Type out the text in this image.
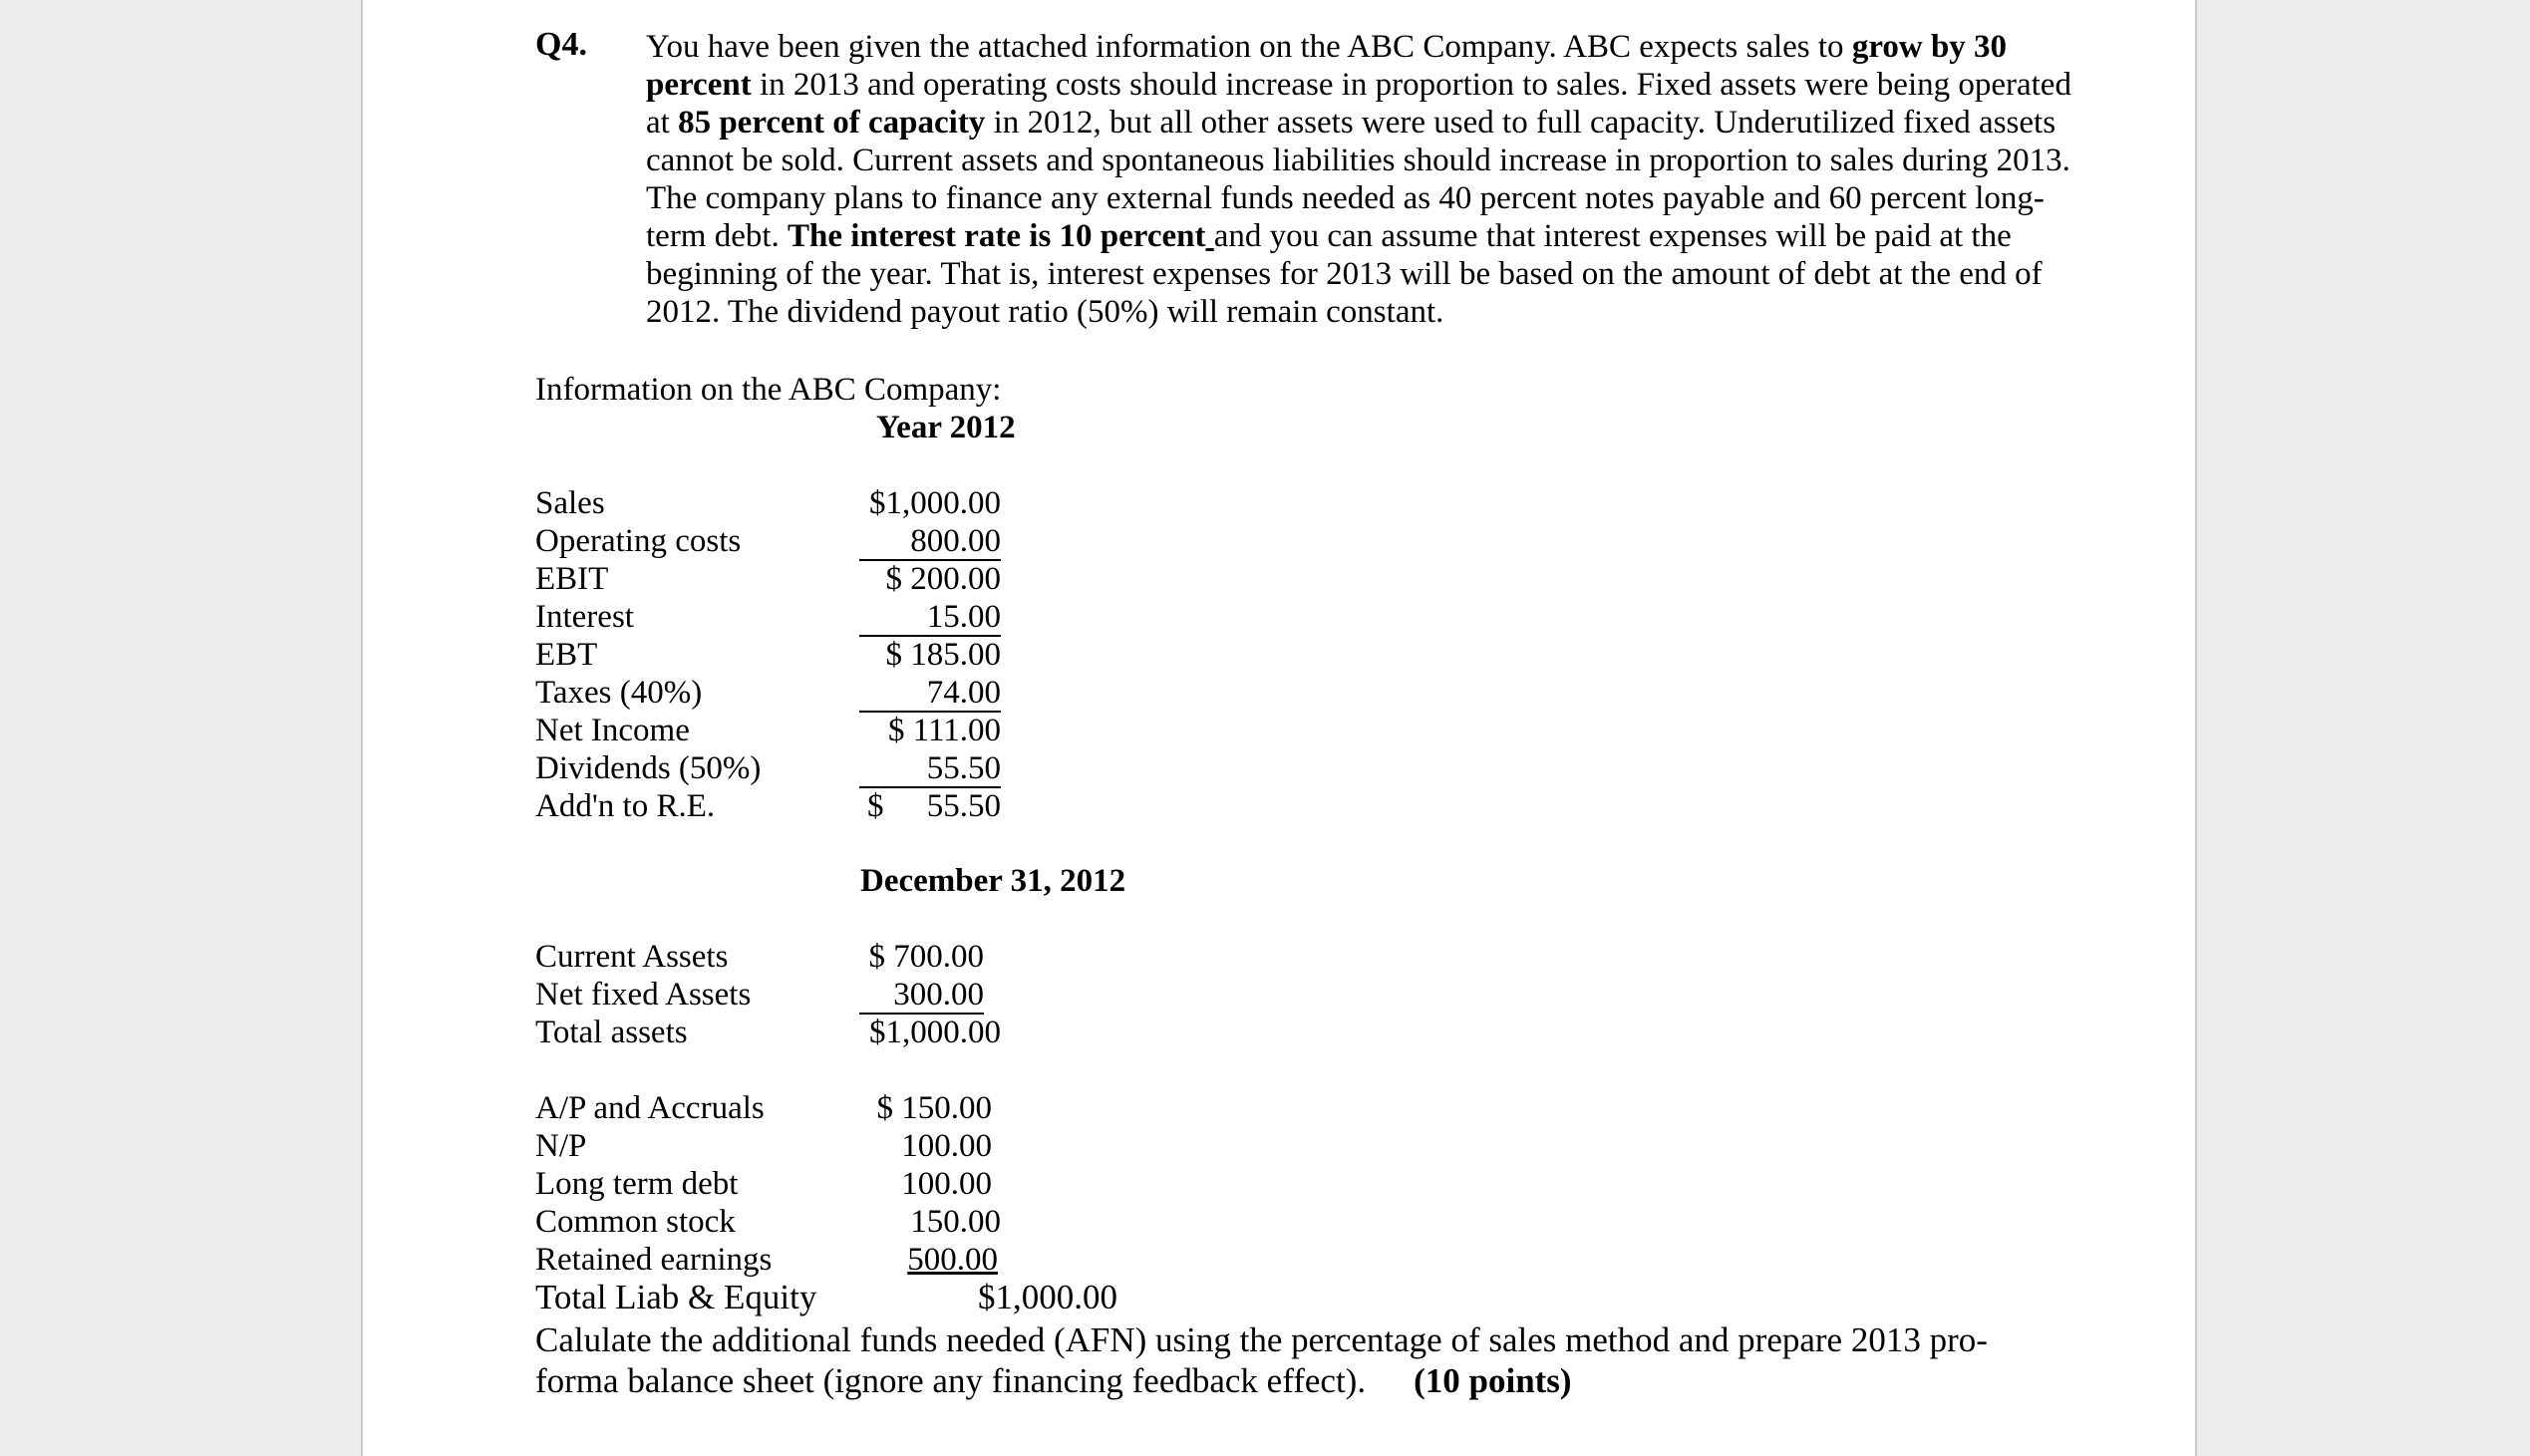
Q4. You have been given the attached information on the ABC Company. ABC expects sales to grow by 30 percent in 2013 and operating costs should increase in proportion to sales. Fixed assets were being operated at 85 percent of capacity in 2012, but all other assets were used to full capacity. Underutilized fixed assets cannot be sold. Current assets and spontaneous liabilities should increase in proportion to sales during 2013. The company plans to finance any external funds needed as 40 percent notes payable and 60 percent long-term debt. The interest rate is 10 percent and you can assume that interest expenses will be paid at the beginning of the year. That is, interest expenses for 2013 will be based on the amount of debt at the end of 2012. The dividend payout ratio (50%) will remain constant.
Information on the ABC Company:
Year 2012
Sales
Operating costs
EBIT
Interest
EBT
Taxes (40%)
Net Income
Dividends (50%)
Add'n to R.E.
$1,000.00
800.00
$ 200.00
15.00
$ 185.00
74.00
$ 111.00
55.50
$ 55.50
December 31, 2012
Current Assets
Net fixed Assets
Total assets
$ 700.00
300.00
$1,000.00
A/P and Accruals
N/P
Long term debt
Common stock
Retained earnings
Total Liab & Equity
$ 150.00
100.00
100.00
150.00
500.00
$1,000.00
Calulate the additional funds needed (AFN) using the percentage of sales method and prepare 2013 pro-forma balance sheet (ignore any financing feedback effect). (10 points)
